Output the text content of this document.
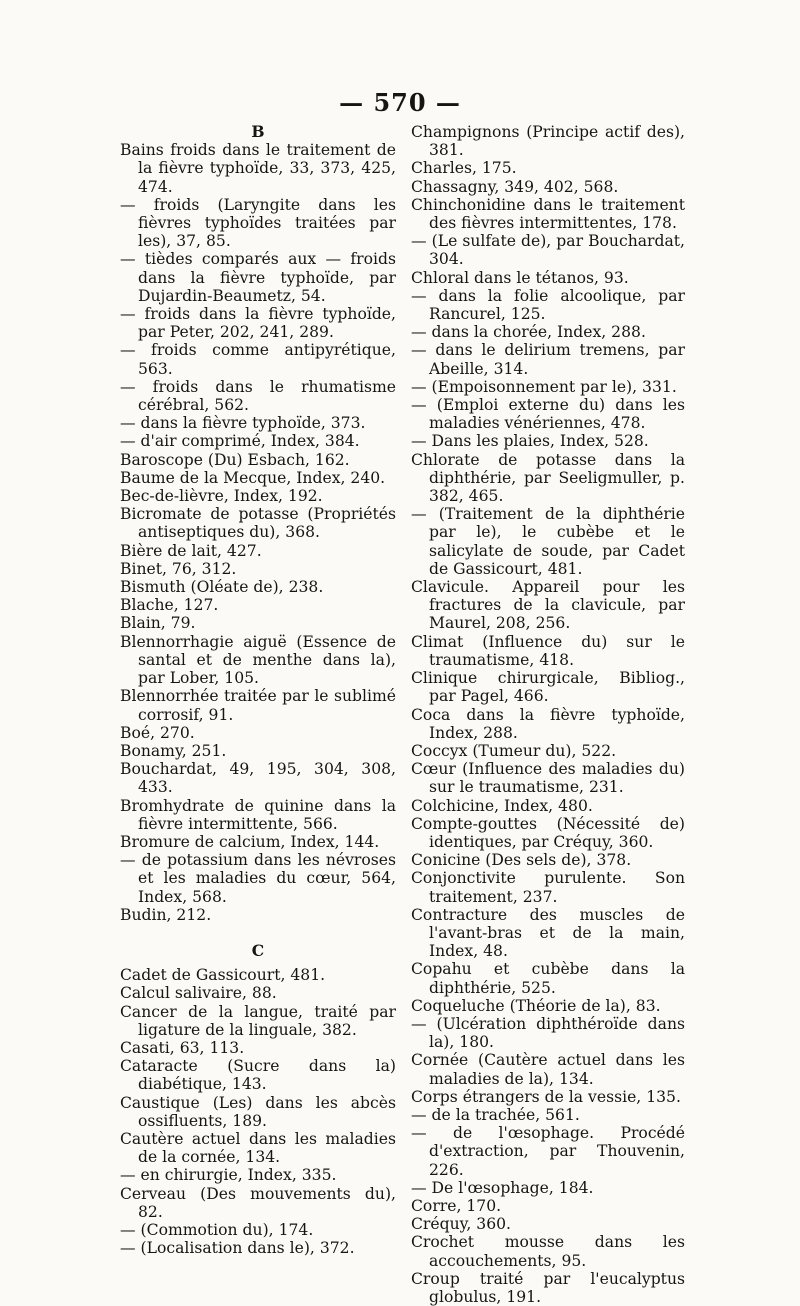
— 570 —

B

Bains froids dans le traitement de la fièvre typhoïde, 33, 373, 425, 474.

— froids (Laryngite dans les fièvres typhoïdes traitées par les), 37, 85.

— tièdes comparés aux — froids dans la fièvre typhoïde, par Dujardin-Beaumetz, 54.

— froids dans la fièvre typhoïde, par Peter, 202, 241, 289.

— froids comme antipyrétique, 563.

— froids dans le rhumatisme cérébral, 562.

— dans la fièvre typhoïde, 373.

— d'air comprimé, Index, 384.

Baroscope (Du) Esbach, 162.

Baume de la Mecque, Index, 240.

Bec-de-lièvre, Index, 192.

Bicromate de potasse (Propriétés antiseptiques du), 368.

Bière de lait, 427.

Binet, 76, 312.

Bismuth (Oléate de), 238.

Blache, 127.

Blain, 79.

Blennorrhagie aiguë (Essence de santal et de menthe dans la), par Lober, 105.

Blennorrhée traitée par le sublimé corrosif, 91.

Boé, 270.

Bonamy, 251.

Bouchardat, 49, 195, 304, 308, 433.

Bromhydrate de quinine dans la fièvre intermittente, 566.

Bromure de calcium, Index, 144.

— de potassium dans les névroses et les maladies du cœur, 564, Index, 568.

Budin, 212.

C

Cadet de Gassicourt, 481.

Calcul salivaire, 88.

Cancer de la langue, traité par ligature de la linguale, 382.

Casati, 63, 113.

Cataracte (Sucre dans la) diabétique, 143.

Caustique (Les) dans les abcès ossifluents, 189.

Cautère actuel dans les maladies de la cornée, 134.

— en chirurgie, Index, 335.

Cerveau (Des mouvements du), 82.

— (Commotion du), 174.

— (Localisation dans le), 372.

Champignons (Principe actif des), 381.

Charles, 175.

Chassagny, 349, 402, 568.

Chinchonidine dans le traitement des fièvres intermittentes, 178.

— (Le sulfate de), par Bouchardat, 304.

Chloral dans le tétanos, 93.

— dans la folie alcoolique, par Rancurel, 125.

— dans la chorée, Index, 288.

— dans le delirium tremens, par Abeille, 314.

— (Empoisonnement par le), 331.

— (Emploi externe du) dans les maladies vénériennes, 478.

— Dans les plaies, Index, 528.

Chlorate de potasse dans la diphthérie, par Seeligmuller, p. 382, 465.

— (Traitement de la diphthérie par le), le cubèbe et le salicylate de soude, par Cadet de Gassicourt, 481.

Clavicule. Appareil pour les fractures de la clavicule, par Maurel, 208, 256.

Climat (Influence du) sur le traumatisme, 418.

Clinique chirurgicale, Bibliog., par Pagel, 466.

Coca dans la fièvre typhoïde, Index, 288.

Coccyx (Tumeur du), 522.

Cœur (Influence des maladies du) sur le traumatisme, 231.

Colchicine, Index, 480.

Compte-gouttes (Nécessité de) identiques, par Créquy, 360.

Conicine (Des sels de), 378.

Conjonctivite purulente. Son traitement, 237.

Contracture des muscles de l'avant-bras et de la main, Index, 48.

Copahu et cubèbe dans la diphthérie, 525.

Coqueluche (Théorie de la), 83.

— (Ulcération diphthéroïde dans la), 180.

Cornée (Cautère actuel dans les maladies de la), 134.

Corps étrangers de la vessie, 135.

— de la trachée, 561.

— de l'œsophage. Procédé d'extraction, par Thouvenin, 226.

— De l'œsophage, 184.

Corre, 170.

Créquy, 360.

Crochet mousse dans les accouchements, 95.

Croup traité par l'eucalyptus globulus, 191.
